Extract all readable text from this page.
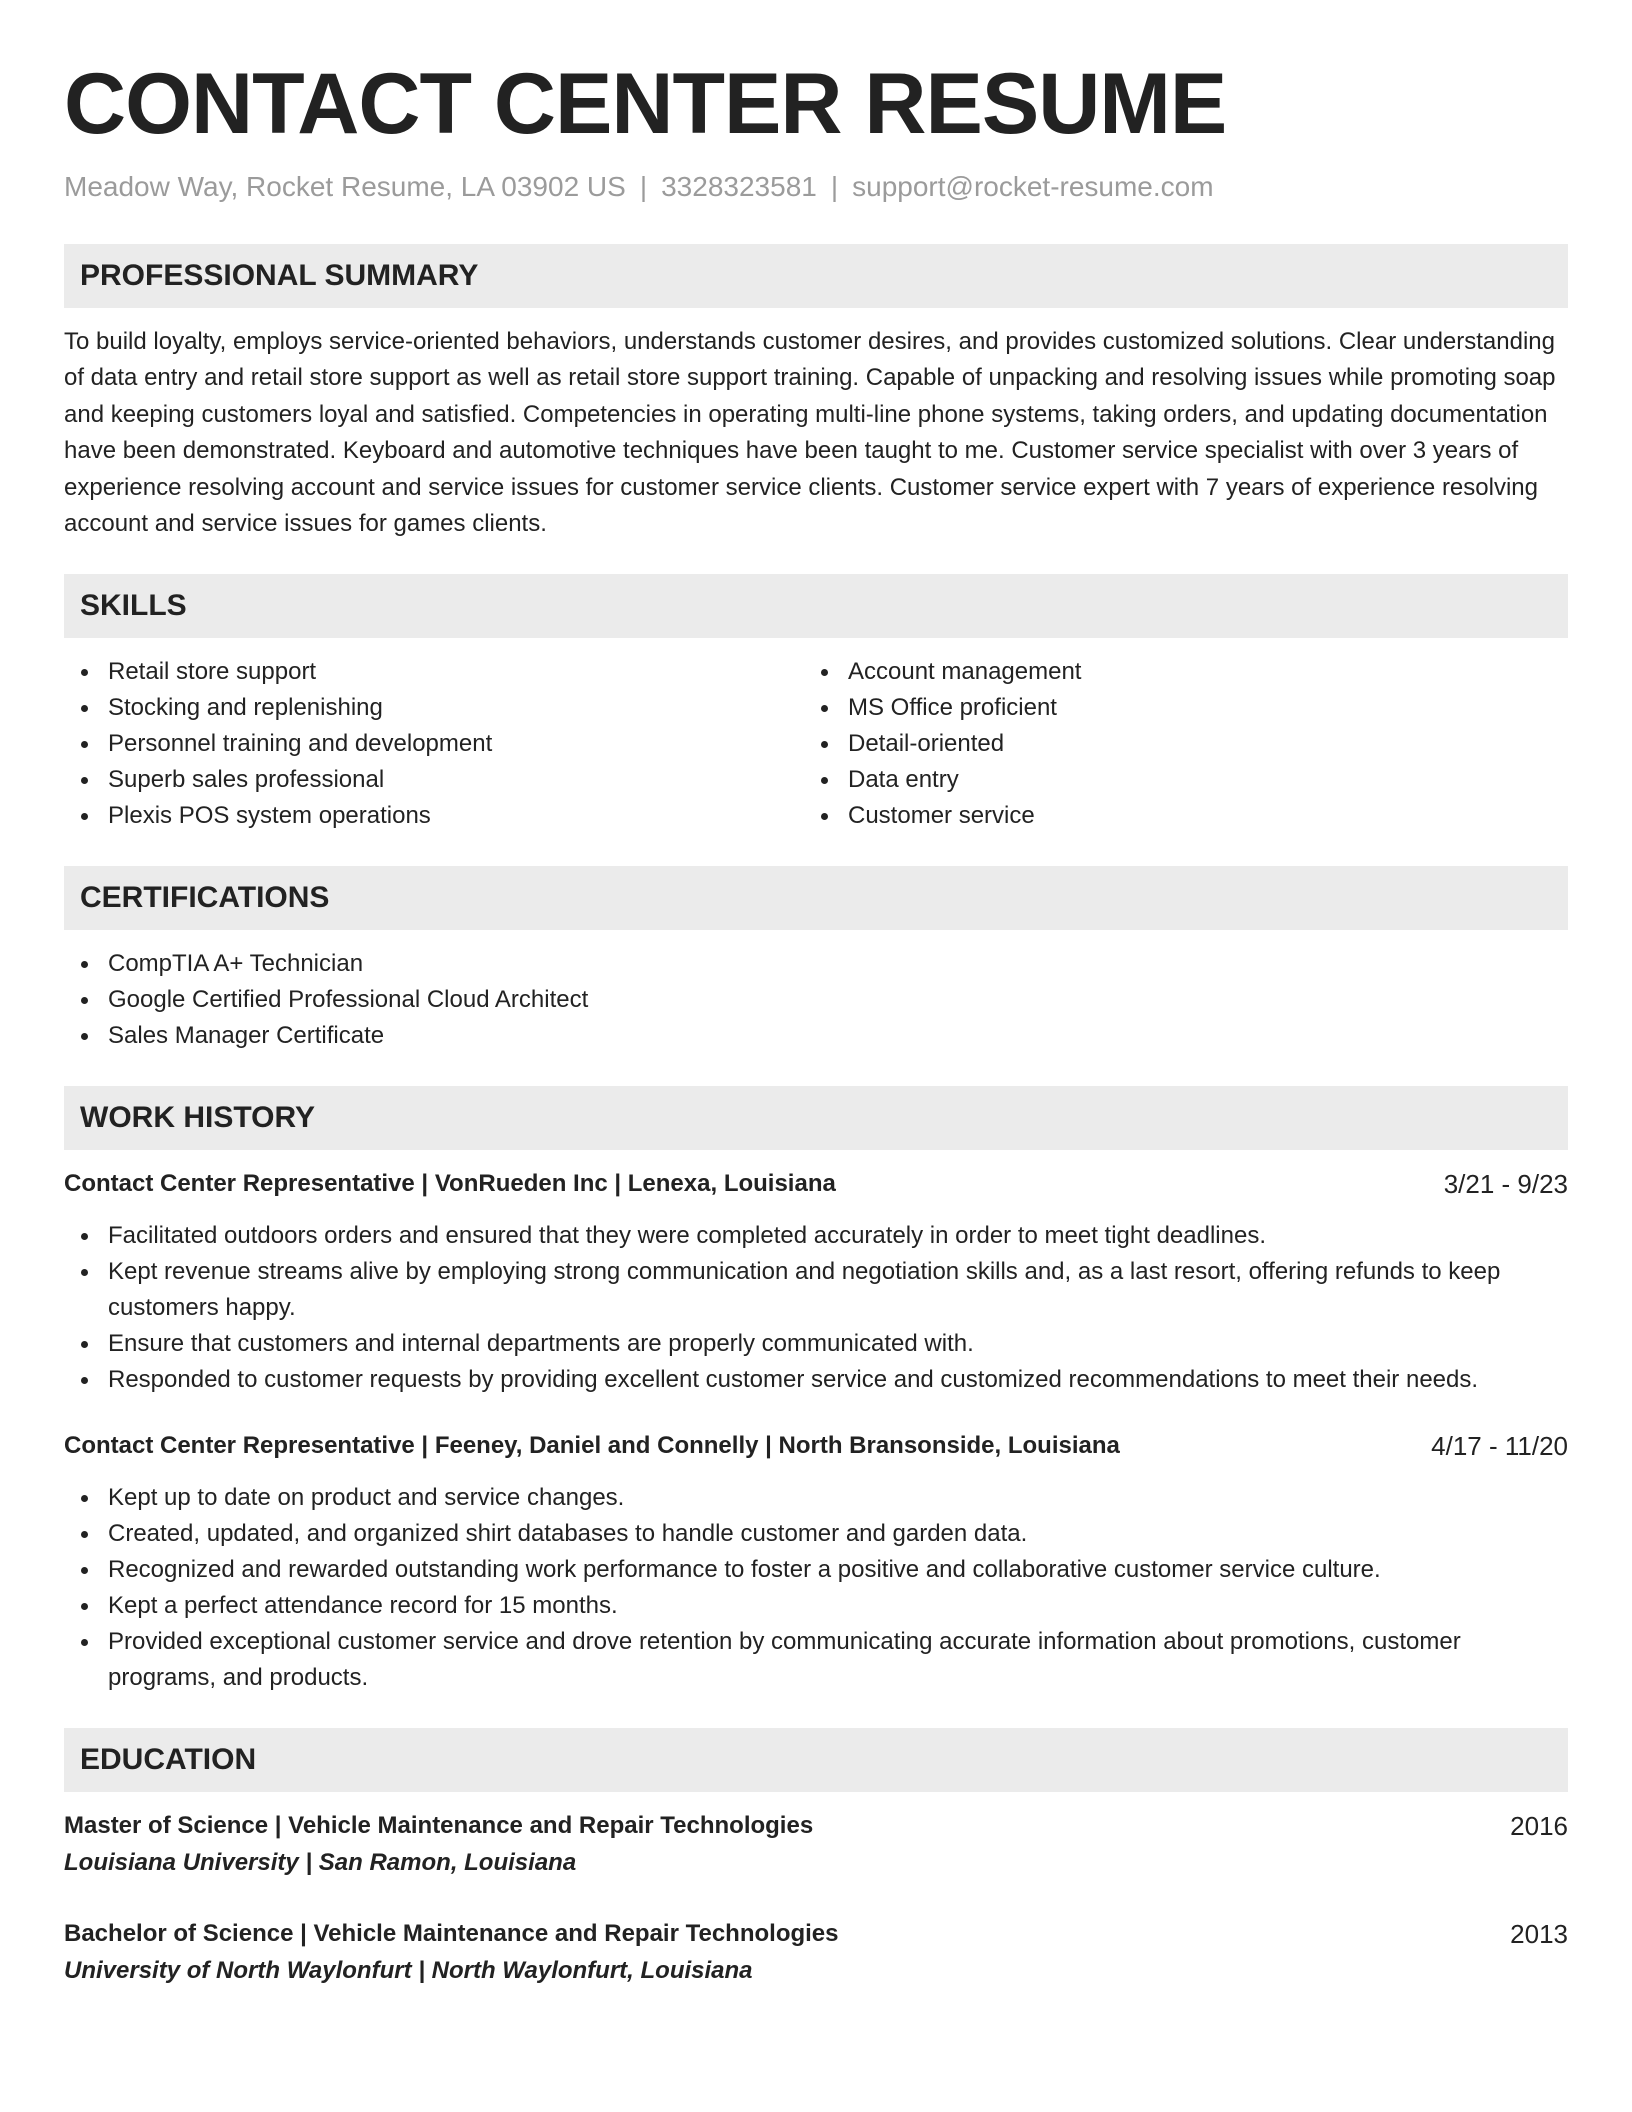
CONTACT CENTER RESUME
Meadow Way, Rocket Resume, LA 03902 US | 3328323581 | support@rocket-resume.com
PROFESSIONAL SUMMARY
To build loyalty, employs service-oriented behaviors, understands customer desires, and provides customized solutions. Clear understanding of data entry and retail store support as well as retail store support training. Capable of unpacking and resolving issues while promoting soap and keeping customers loyal and satisfied. Competencies in operating multi-line phone systems, taking orders, and updating documentation have been demonstrated. Keyboard and automotive techniques have been taught to me. Customer service specialist with over 3 years of experience resolving account and service issues for customer service clients. Customer service expert with 7 years of experience resolving account and service issues for games clients.
SKILLS
Retail store support
Stocking and replenishing
Personnel training and development
Superb sales professional
Plexis POS system operations
Account management
MS Office proficient
Detail-oriented
Data entry
Customer service
CERTIFICATIONS
CompTIA A+ Technician
Google Certified Professional Cloud Architect
Sales Manager Certificate
WORK HISTORY
Contact Center Representative | VonRueden Inc | Lenexa, Louisiana	3/21 - 9/23
Facilitated outdoors orders and ensured that they were completed accurately in order to meet tight deadlines.
Kept revenue streams alive by employing strong communication and negotiation skills and, as a last resort, offering refunds to keep customers happy.
Ensure that customers and internal departments are properly communicated with.
Responded to customer requests by providing excellent customer service and customized recommendations to meet their needs.
Contact Center Representative | Feeney, Daniel and Connelly | North Bransonside, Louisiana	4/17 - 11/20
Kept up to date on product and service changes.
Created, updated, and organized shirt databases to handle customer and garden data.
Recognized and rewarded outstanding work performance to foster a positive and collaborative customer service culture.
Kept a perfect attendance record for 15 months.
Provided exceptional customer service and drove retention by communicating accurate information about promotions, customer programs, and products.
EDUCATION
Master of Science | Vehicle Maintenance and Repair Technologies	2016
Louisiana University | San Ramon, Louisiana
Bachelor of Science | Vehicle Maintenance and Repair Technologies	2013
University of North Waylonfurt | North Waylonfurt, Louisiana
